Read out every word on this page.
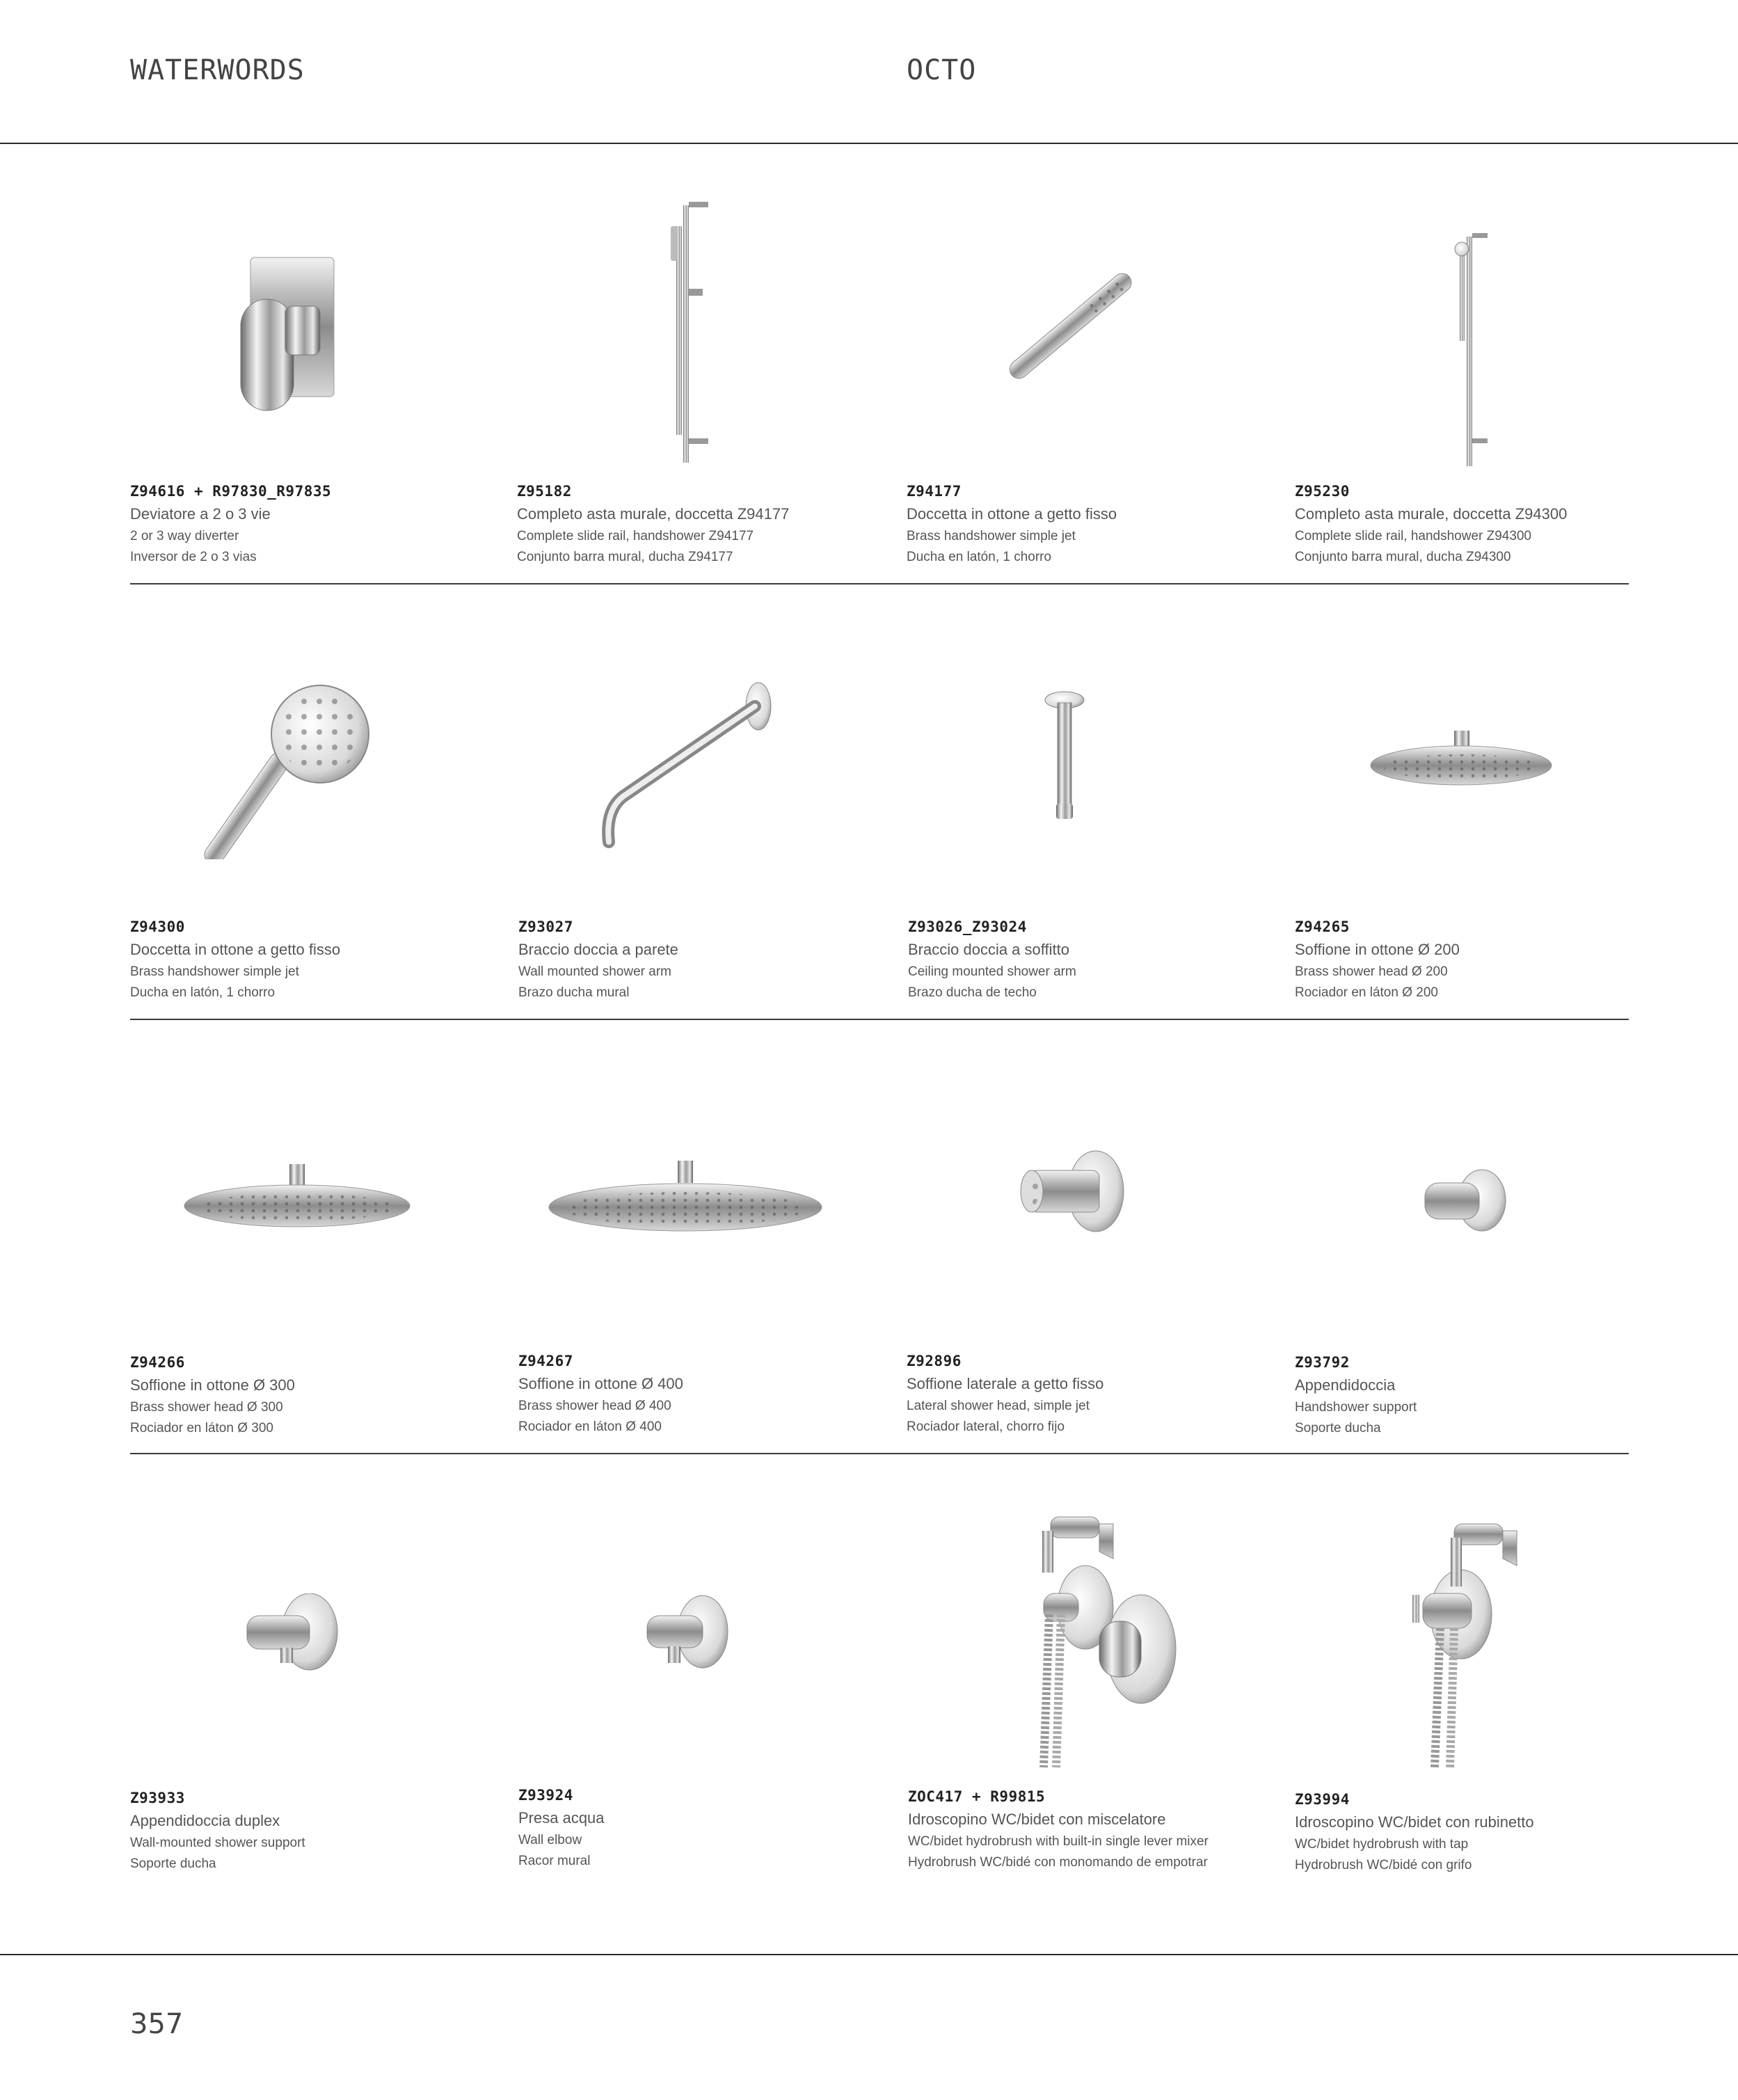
WATERWORDS	OCTO
Z94616 + R97830_R97835
Deviatore a 2 o 3 vie
2 or 3 way diverter
Inversor de 2 o 3 vias
Z95182
Completo asta murale, doccetta Z94177
Complete slide rail, handshower Z94177
Conjunto barra mural, ducha Z94177
Z94177
Doccetta in ottone a getto fisso
Brass handshower simple jet
Ducha en latón, 1 chorro
Z95230
Completo asta murale, doccetta Z94300
Complete slide rail, handshower Z94300
Conjunto barra mural, ducha Z94300
Z94300
Doccetta in ottone a getto fisso
Brass handshower simple jet
Ducha en latón, 1 chorro
Z93027
Braccio doccia a parete
Wall mounted shower arm
Brazo ducha mural
Z93026_Z93024
Braccio doccia a soffitto
Ceiling mounted shower arm
Brazo ducha de techo
Z94265
Soffione in ottone Ø 200
Brass shower head Ø 200
Rociador en láton Ø 200
Z94266
Soffione in ottone Ø 300
Brass shower head Ø 300
Rociador en láton Ø 300
Z94267
Soffione in ottone Ø 400
Brass shower head Ø 400
Rociador en láton Ø 400
Z92896
Soffione laterale a getto fisso
Lateral shower head, simple jet
Rociador lateral, chorro fijo
Z93792
Appendidoccia
Handshower support
Soporte ducha
Z93933
Appendidoccia duplex
Wall-mounted shower support
Soporte ducha
Z93924
Presa acqua
Wall elbow
Racor mural
ZOC417 + R99815
Idroscopino WC/bidet con miscelatore
WC/bidet hydrobrush with built-in single lever mixer
Hydrobrush WC/bidé con monomando de empotrar
Z93994
Idroscopino WC/bidet con rubinetto
WC/bidet hydrobrush with tap
Hydrobrush WC/bidé con grifo
357
